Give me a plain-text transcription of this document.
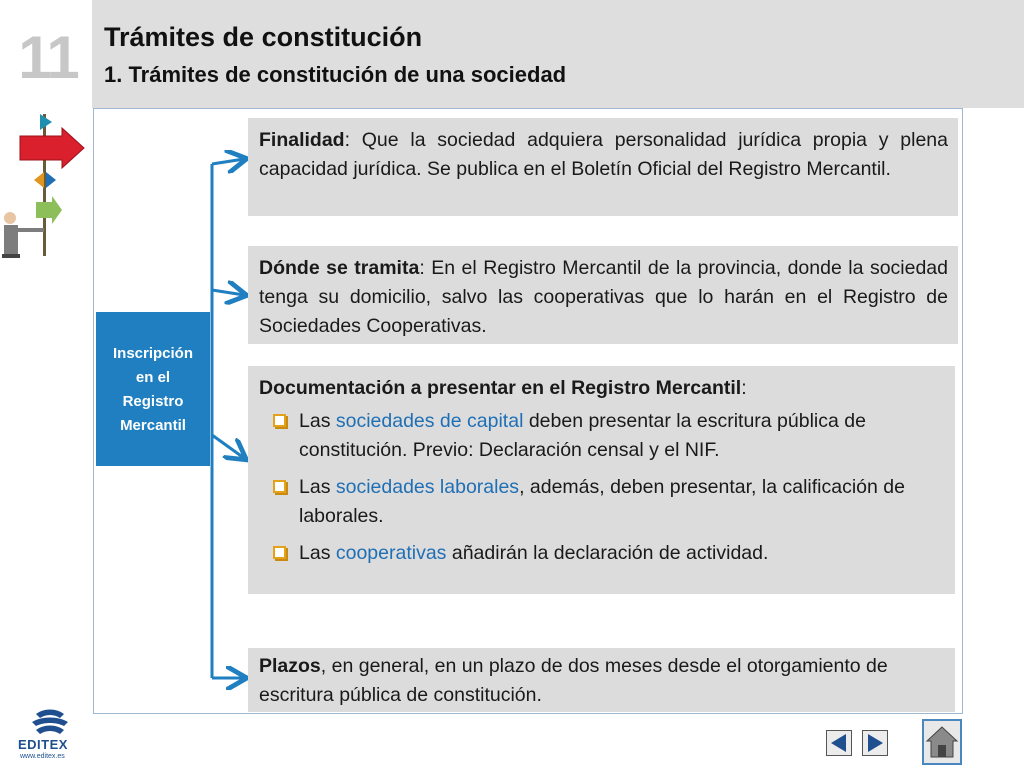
11 Trámites de constitución
1. Trámites de constitución de una sociedad
Inscripción
en el
Registro
Mercantil
Finalidad: Que la sociedad adquiera personalidad jurídica propia y plena capacidad jurídica. Se publica en el Boletín Oficial del Registro Mercantil.
Dónde se tramita: En el Registro Mercantil de la provincia, donde la sociedad tenga su domicilio, salvo las cooperativas que lo harán en el Registro de Sociedades Cooperativas.
Documentación a presentar en el Registro Mercantil:
Las sociedades de capital deben presentar la escritura pública de constitución. Previo: Declaración censal y el NIF.
Las sociedades laborales, además, deben presentar, la calificación de laborales.
Las cooperativas añadirán la declaración de actividad.
Plazos, en general, en un plazo de dos meses desde el otorgamiento de escritura pública de constitución.
EDITEX
www.editex.es
